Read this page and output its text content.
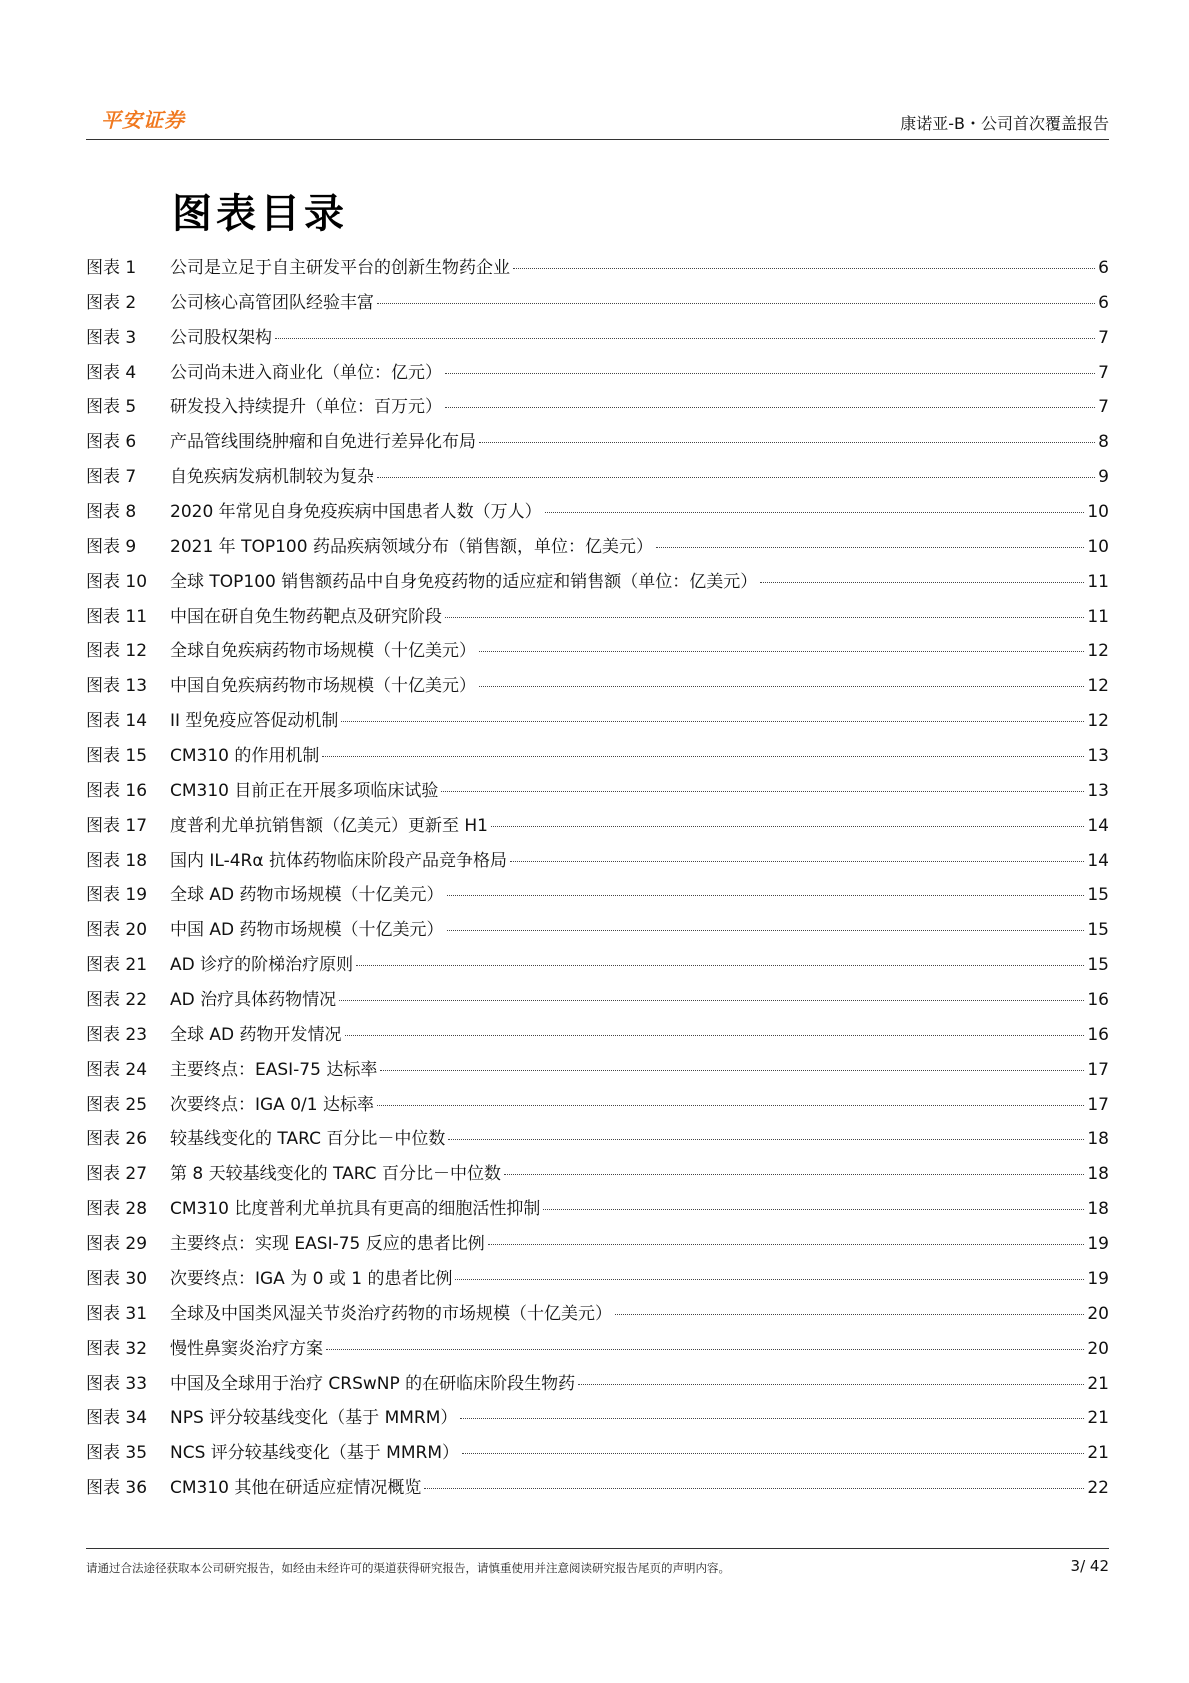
平安证券	康诺亚-B・公司首次覆盖报告
图表目录
图表 1	公司是立足于自主研发平台的创新生物药企业	6
图表 2	公司核心高管团队经验丰富	6
图表 3	公司股权架构	7
图表 4	公司尚未进入商业化（单位：亿元）	7
图表 5	研发投入持续提升（单位：百万元）	7
图表 6	产品管线围绕肿瘤和自免进行差异化布局	8
图表 7	自免疾病发病机制较为复杂	9
图表 8	2020 年常见自身免疫疾病中国患者人数（万人）	10
图表 9	2021 年 TOP100 药品疾病领域分布（销售额，单位：亿美元）	10
图表 10	全球 TOP100 销售额药品中自身免疫药物的适应症和销售额（单位：亿美元）	11
图表 11	中国在研自免生物药靶点及研究阶段	11
图表 12	全球自免疾病药物市场规模（十亿美元）	12
图表 13	中国自免疾病药物市场规模（十亿美元）	12
图表 14	II 型免疫应答促动机制	12
图表 15	CM310 的作用机制	13
图表 16	CM310 目前正在开展多项临床试验	13
图表 17	度普利尤单抗销售额（亿美元）更新至 H1	14
图表 18	国内 IL-4Rα 抗体药物临床阶段产品竞争格局	14
图表 19	全球 AD 药物市场规模（十亿美元）	15
图表 20	中国 AD 药物市场规模（十亿美元）	15
图表 21	AD 诊疗的阶梯治疗原则	15
图表 22	AD 治疗具体药物情况	16
图表 23	全球 AD 药物开发情况	16
图表 24	主要终点：EASI-75 达标率	17
图表 25	次要终点：IGA 0/1 达标率	17
图表 26	较基线变化的 TARC 百分比－中位数	18
图表 27	第 8 天较基线变化的 TARC 百分比－中位数	18
图表 28	CM310 比度普利尤单抗具有更高的细胞活性抑制	18
图表 29	主要终点：实现 EASI-75 反应的患者比例	19
图表 30	次要终点：IGA 为 0 或 1 的患者比例	19
图表 31	全球及中国类风湿关节炎治疗药物的市场规模（十亿美元）	20
图表 32	慢性鼻窦炎治疗方案	20
图表 33	中国及全球用于治疗 CRSwNP 的在研临床阶段生物药	21
图表 34	NPS 评分较基线变化（基于 MMRM）	21
图表 35	NCS 评分较基线变化（基于 MMRM）	21
图表 36	CM310 其他在研适应症情况概览	22
请通过合法途径获取本公司研究报告，如经由未经许可的渠道获得研究报告，请慎重使用并注意阅读研究报告尾页的声明内容。	3/ 42
